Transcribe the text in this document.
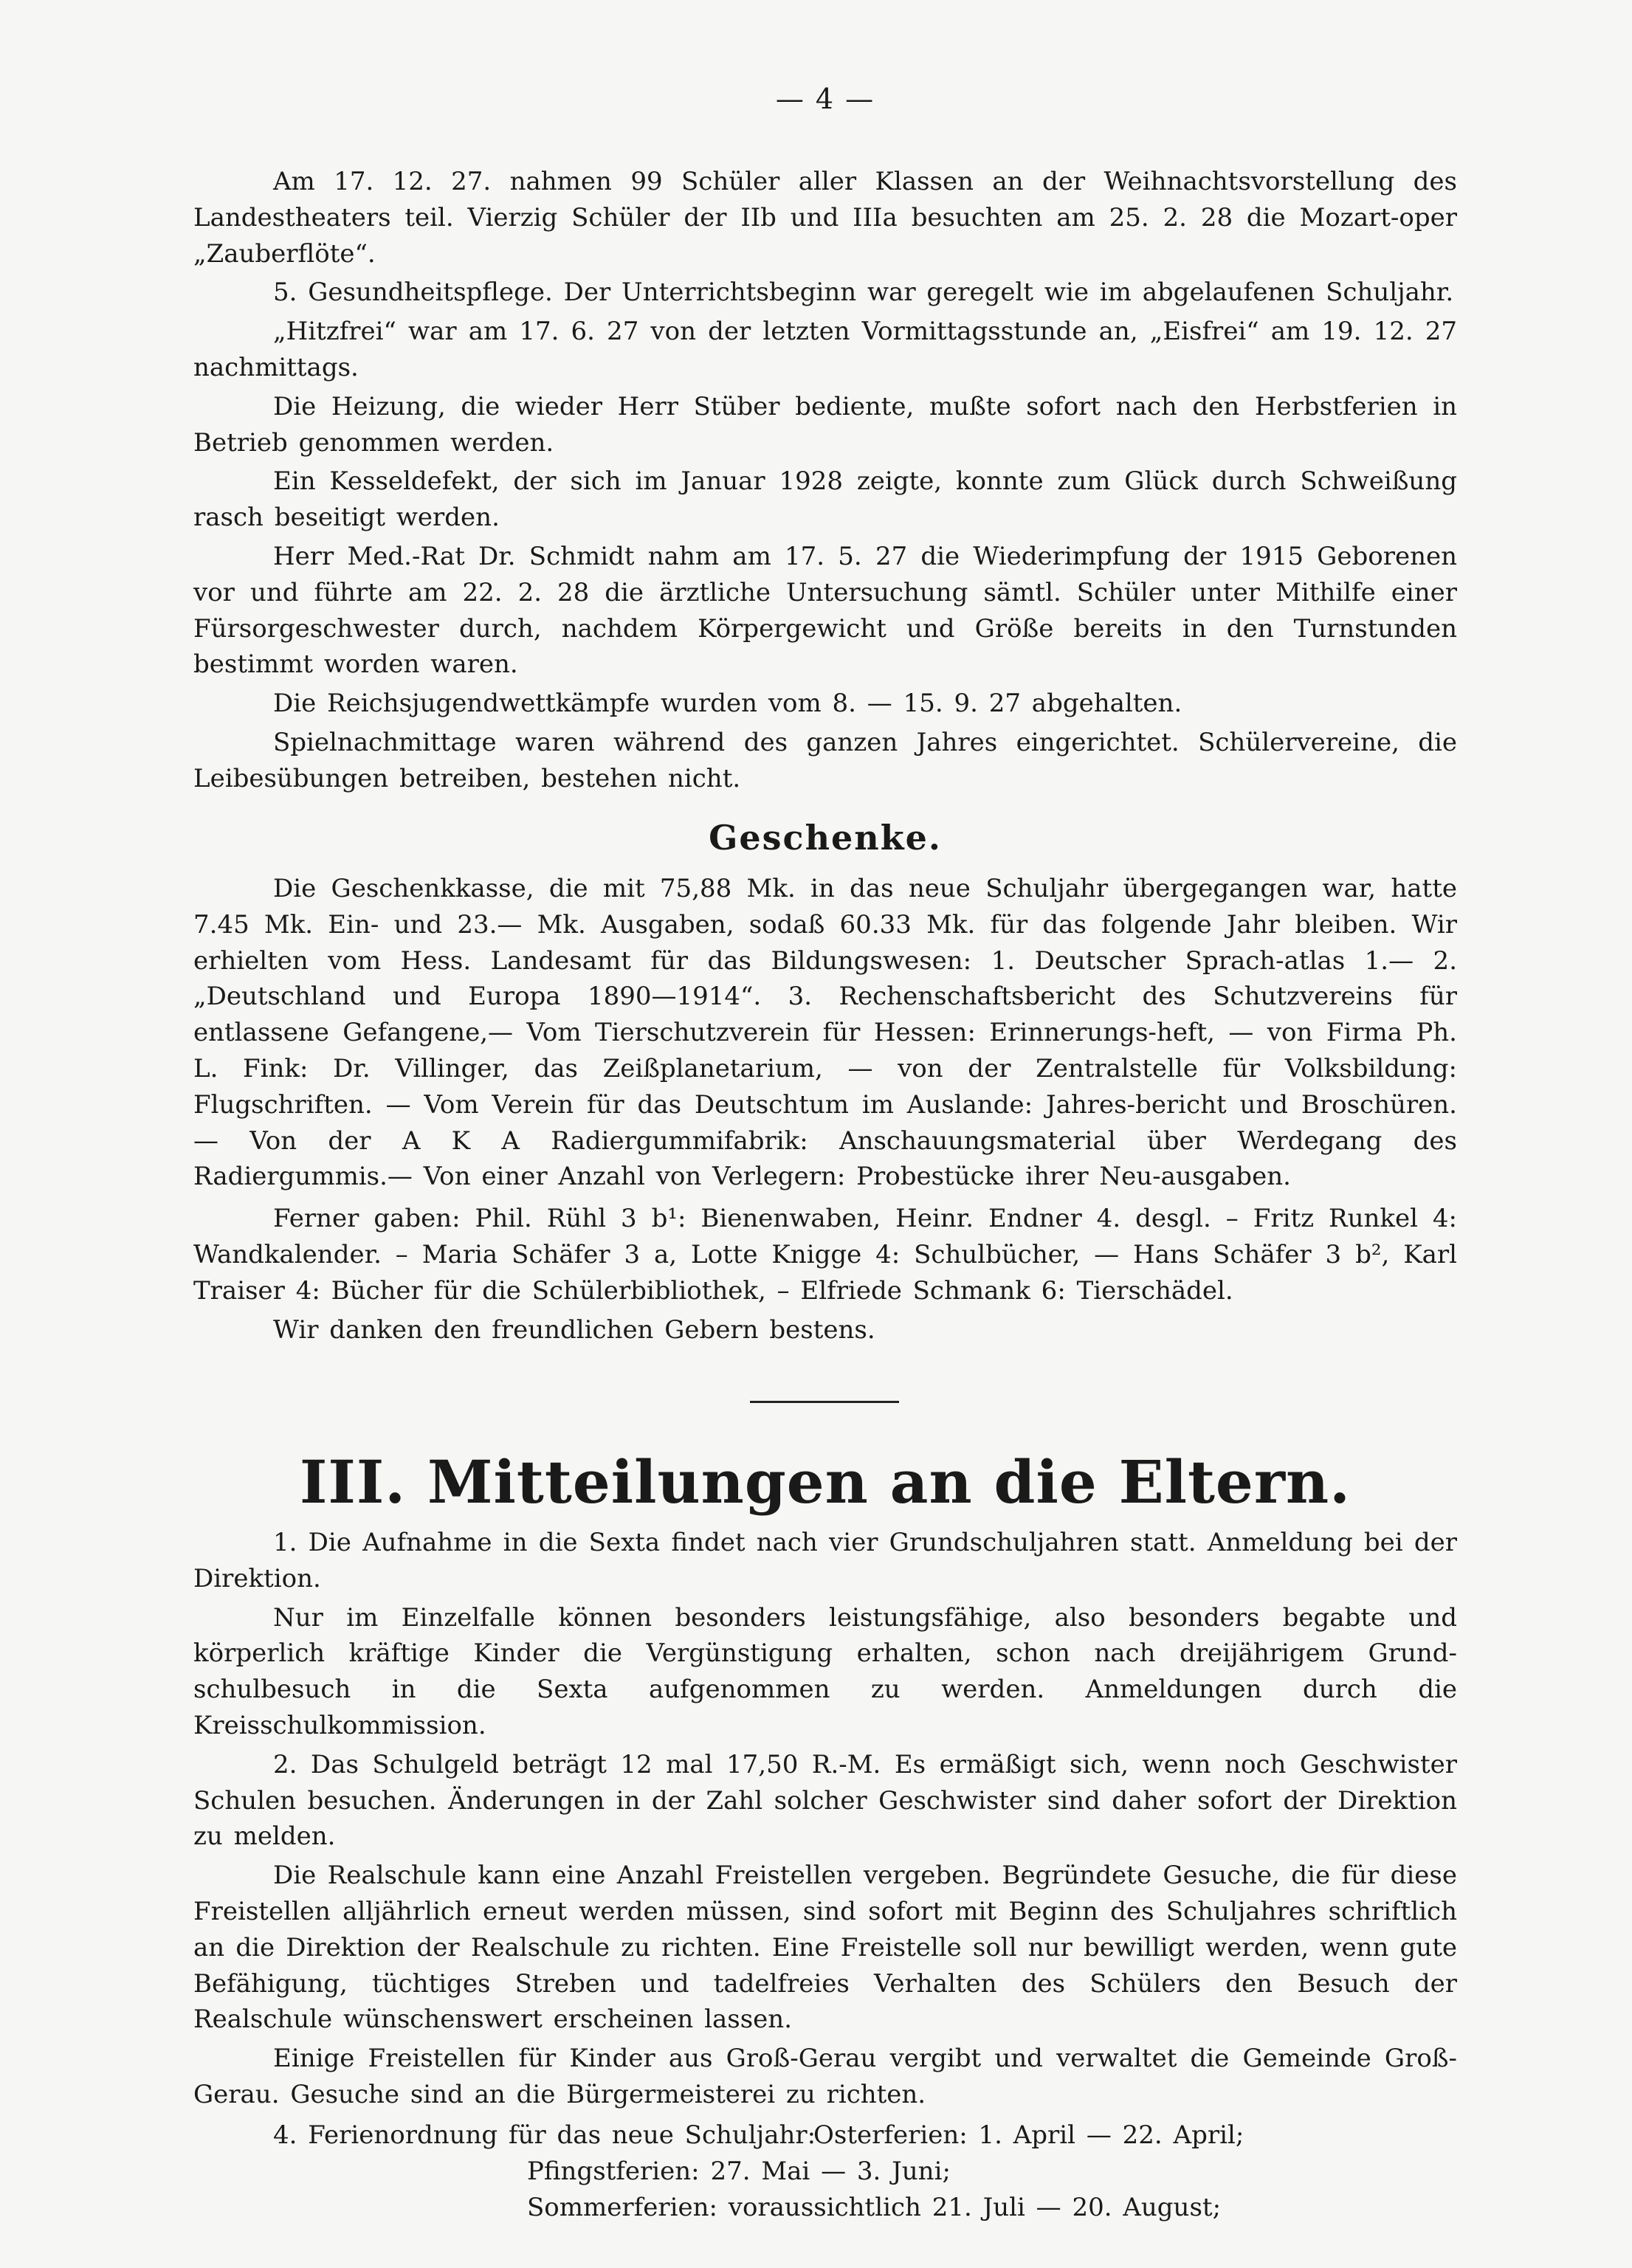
— 4 —

Am 17. 12. 27. nahmen 99 Schüler aller Klassen an der Weihnachtsvorstellung des Landestheaters teil. Vierzig Schüler der IIb und IIIa besuchten am 25. 2. 28 die Mozart-oper „Zauberflöte“.

5. Gesundheitspflege. Der Unterrichtsbeginn war geregelt wie im abgelaufenen Schuljahr.

„Hitzfrei“ war am 17. 6. 27 von der letzten Vormittagsstunde an, „Eisfrei“ am 19. 12. 27 nachmittags.

Die Heizung, die wieder Herr Stüber bediente, mußte sofort nach den Herbstferien in Betrieb genommen werden.

Ein Kesseldefekt, der sich im Januar 1928 zeigte, konnte zum Glück durch Schweißung rasch beseitigt werden.

Herr Med.-Rat Dr. Schmidt nahm am 17. 5. 27 die Wiederimpfung der 1915 Geborenen vor und führte am 22. 2. 28 die ärztliche Untersuchung sämtl. Schüler unter Mithilfe einer Fürsorgeschwester durch, nachdem Körpergewicht und Größe bereits in den Turnstunden bestimmt worden waren.

Die Reichsjugendwettkämpfe wurden vom 8. — 15. 9. 27 abgehalten.

Spielnachmittage waren während des ganzen Jahres eingerichtet. Schülervereine, die Leibesübungen betreiben, bestehen nicht.

Geschenke.

Die Geschenkkasse, die mit 75,88 Mk. in das neue Schuljahr übergegangen war, hatte 7.45 Mk. Ein- und 23.— Mk. Ausgaben, sodaß 60.33 Mk. für das folgende Jahr bleiben. Wir erhielten vom Hess. Landesamt für das Bildungswesen: 1. Deutscher Sprach-atlas 1.— 2. „Deutschland und Europa 1890—1914“. 3. Rechenschaftsbericht des Schutzvereins für entlassene Gefangene,— Vom Tierschutzverein für Hessen: Erinnerungs-heft, — von Firma Ph. L. Fink: Dr. Villinger, das Zeißplanetarium, — von der Zentralstelle für Volksbildung: Flugschriften. — Vom Verein für das Deutschtum im Auslande: Jahres-bericht und Broschüren.— Von der A K A Radiergummifabrik: Anschauungsmaterial über Werdegang des Radiergummis.— Von einer Anzahl von Verlegern: Probestücke ihrer Neu-ausgaben.

Ferner gaben: Phil. Rühl 3 b¹: Bienenwaben, Heinr. Endner 4. desgl. – Fritz Runkel 4: Wandkalender. – Maria Schäfer 3 a, Lotte Knigge 4: Schulbücher, — Hans Schäfer 3 b², Karl Traiser 4: Bücher für die Schülerbibliothek, – Elfriede Schmank 6: Tierschädel.

Wir danken den freundlichen Gebern bestens.

III. Mitteilungen an die Eltern.

1. Die Aufnahme in die Sexta findet nach vier Grundschuljahren statt. Anmeldung bei der Direktion.

Nur im Einzelfalle können besonders leistungsfähige, also besonders begabte und körperlich kräftige Kinder die Vergünstigung erhalten, schon nach dreijährigem Grund-schulbesuch in die Sexta aufgenommen zu werden. Anmeldungen durch die Kreisschulkommission.

2. Das Schulgeld beträgt 12 mal 17,50 R.-M. Es ermäßigt sich, wenn noch Geschwister Schulen besuchen. Änderungen in der Zahl solcher Geschwister sind daher sofort der Direktion zu melden.

Die Realschule kann eine Anzahl Freistellen vergeben. Begründete Gesuche, die für diese Freistellen alljährlich erneut werden müssen, sind sofort mit Beginn des Schuljahres schriftlich an die Direktion der Realschule zu richten. Eine Freistelle soll nur bewilligt werden, wenn gute Befähigung, tüchtiges Streben und tadelfreies Verhalten des Schülers den Besuch der Realschule wünschenswert erscheinen lassen.

Einige Freistellen für Kinder aus Groß-Gerau vergibt und verwaltet die Gemeinde Groß-Gerau. Gesuche sind an die Bürgermeisterei zu richten.

4. Ferienordnung für das neue Schuljahr:

Osterferien: 1. April — 22. April;

Pfingstferien: 27. Mai — 3. Juni;

Sommerferien: voraussichtlich 21. Juli — 20. August;
